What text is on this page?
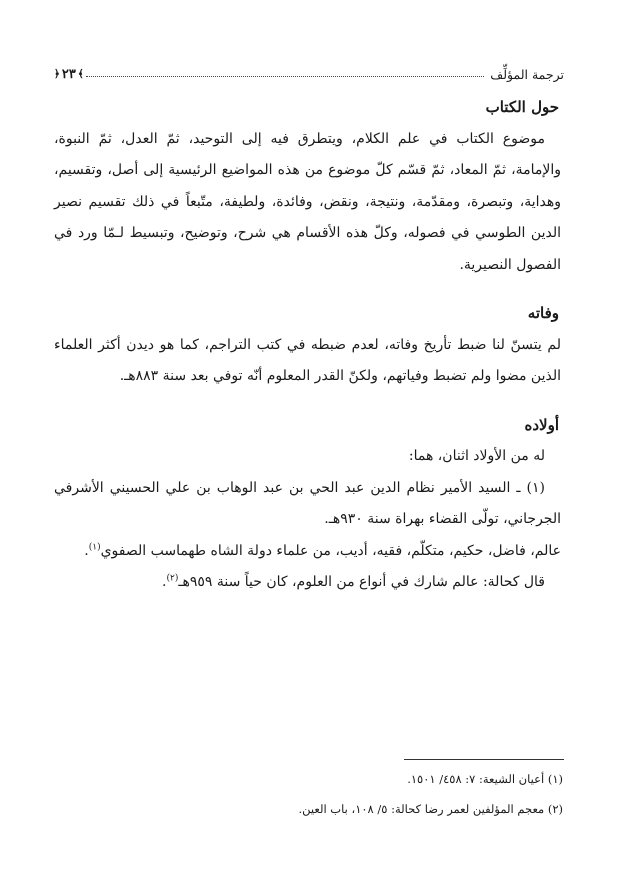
ترجمة المؤلِّف
﴾
٢٣
﴿
حول الكتاب

موضوع الكتاب في علم الكلام، ويتطرق فيه إلى التوحيد، ثمّ العدل، ثمّ النبوة، والإمامة، ثمّ المعاد، ثمّ قسّم كلّ موضوع من هذه المواضيع الرئيسية إلى أصل، وتقسيم، وهداية، وتبصرة، ومقدّمة، ونتيجة، ونقض، وفائدة، ولطيفة، متّبعاً في ذلك تقسيم نصير الدين الطوسي في فصوله، وكلّ هذه الأقسام هي شرح، وتوضيح، وتبسيط لـمّا ورد في الفصول النصيرية.

وفاته

لم يتسنّ لنا ضبط تأريخ وفاته، لعدم ضبطه في كتب التراجم، كما هو ديدن أكثر العلماء الذين مضوا ولم تضبط وفياتهم، ولكنّ القدر المعلوم أنّه توفي بعد سنة ٨٨٣هـ.

أولاده

له من الأولاد اثنان، هما:

(١) ـ السيد الأمير نظام الدين عبد الحي بن عبد الوهاب بن علي الحسيني الأشرفي الجرجاني، تولّى القضاء بهراة سنة ٩٣٠هـ.

عالم، فاضل، حكيم، متكلّم، فقيه، أديب، من علماء دولة الشاه طهماسب الصفوي$^{(١)}$.

قال كحالة: عالم شارك في أنواع من العلوم، كان حياً سنة ٩٥٩هـ$^{(٢)}$.

(١) أعيان الشيعة: ٧: ٤٥٨/ ١٥٠١.
(٢) معجم المؤلفين لعمر رضا كحالة: ٥/ ١٠٨، باب العين.
